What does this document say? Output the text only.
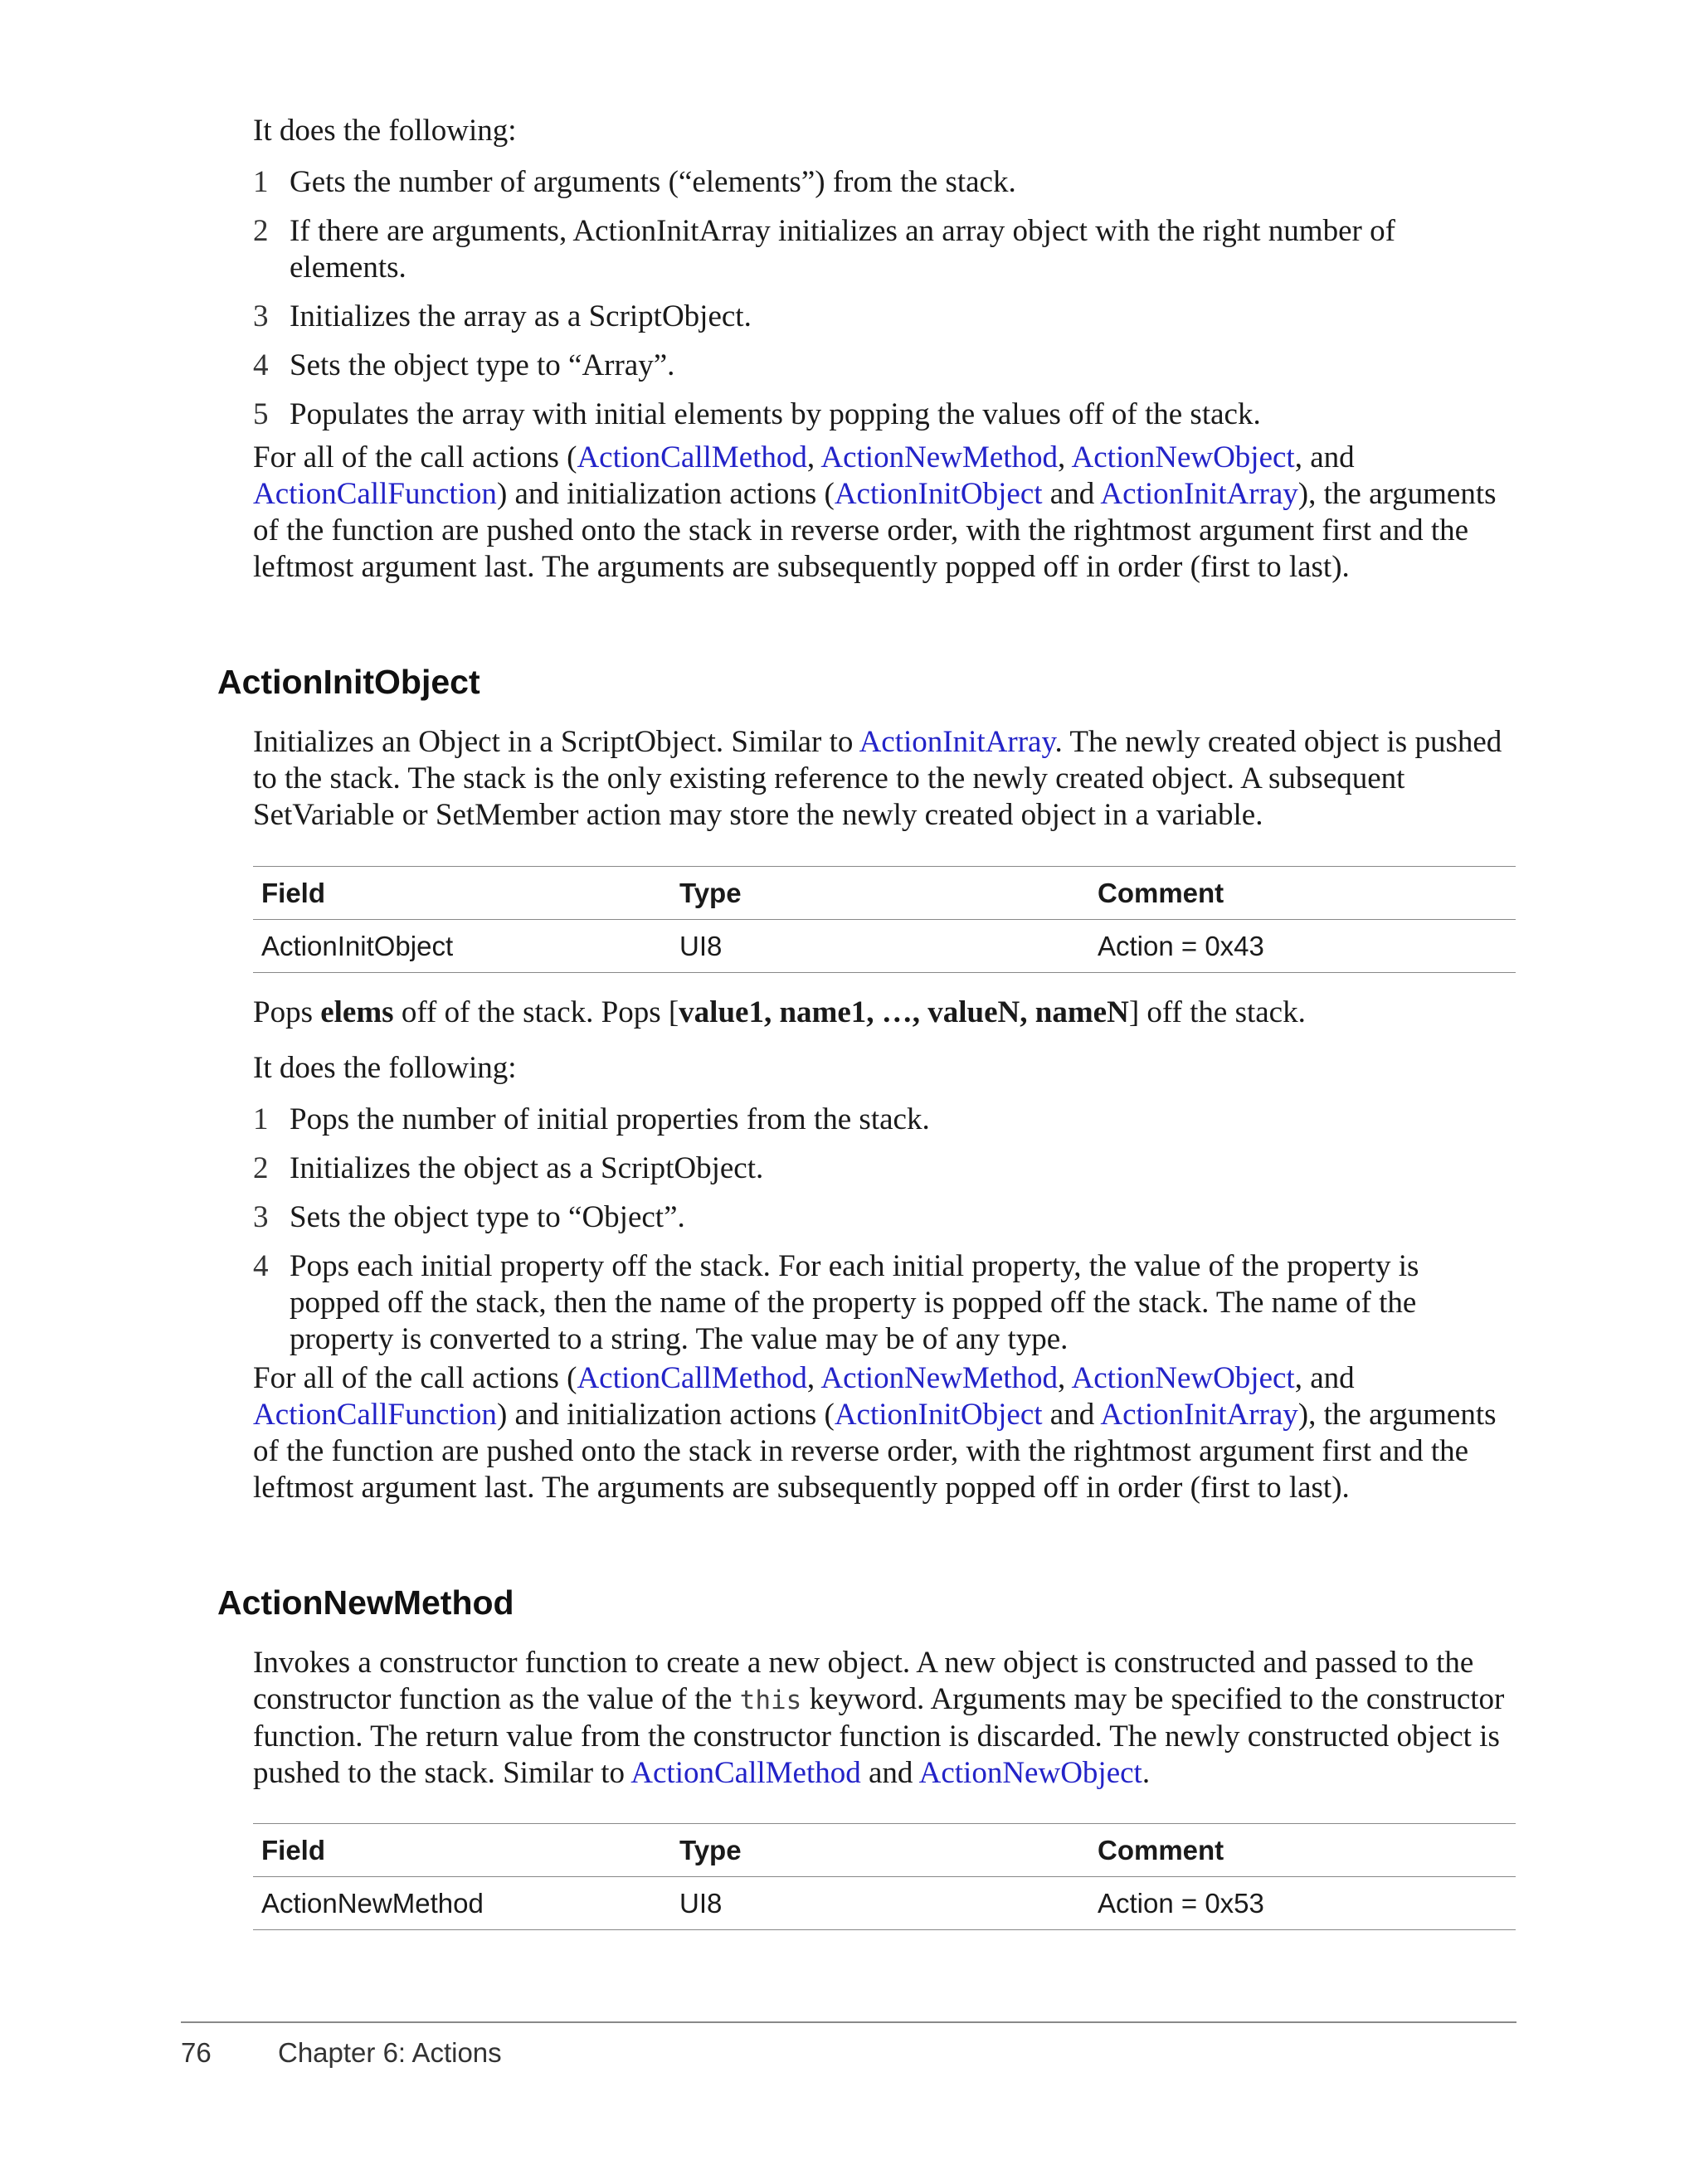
It does the following:

1 Gets the number of arguments (“elements”) from the stack.
2 If there are arguments, ActionInitArray initializes an array object with the right number of elements.
3 Initializes the array as a ScriptObject.
4 Sets the object type to “Array”.
5 Populates the array with initial elements by popping the values off of the stack.

For all of the call actions (ActionCallMethod, ActionNewMethod, ActionNewObject, and ActionCallFunction) and initialization actions (ActionInitObject and ActionInitArray), the arguments of the function are pushed onto the stack in reverse order, with the rightmost argument first and the leftmost argument last. The arguments are subsequently popped off in order (first to last).

ActionInitObject

Initializes an Object in a ScriptObject. Similar to ActionInitArray. The newly created object is pushed to the stack. The stack is the only existing reference to the newly created object. A subsequent SetVariable or SetMember action may store the newly created object in a variable.

Field	Type	Comment
ActionInitObject	UI8	Action = 0x43

Pops elems off of the stack. Pops [value1, name1, …, valueN, nameN] off the stack.

It does the following:

1 Pops the number of initial properties from the stack.
2 Initializes the object as a ScriptObject.
3 Sets the object type to “Object”.
4 Pops each initial property off the stack. For each initial property, the value of the property is popped off the stack, then the name of the property is popped off the stack. The name of the property is converted to a string. The value may be of any type.

For all of the call actions (ActionCallMethod, ActionNewMethod, ActionNewObject, and ActionCallFunction) and initialization actions (ActionInitObject and ActionInitArray), the arguments of the function are pushed onto the stack in reverse order, with the rightmost argument first and the leftmost argument last. The arguments are subsequently popped off in order (first to last).

ActionNewMethod

Invokes a constructor function to create a new object. A new object is constructed and passed to the constructor function as the value of the this keyword. Arguments may be specified to the constructor function. The return value from the constructor function is discarded. The newly constructed object is pushed to the stack. Similar to ActionCallMethod and ActionNewObject.

Field	Type	Comment
ActionNewMethod	UI8	Action = 0x53
76 Chapter 6: Actions
